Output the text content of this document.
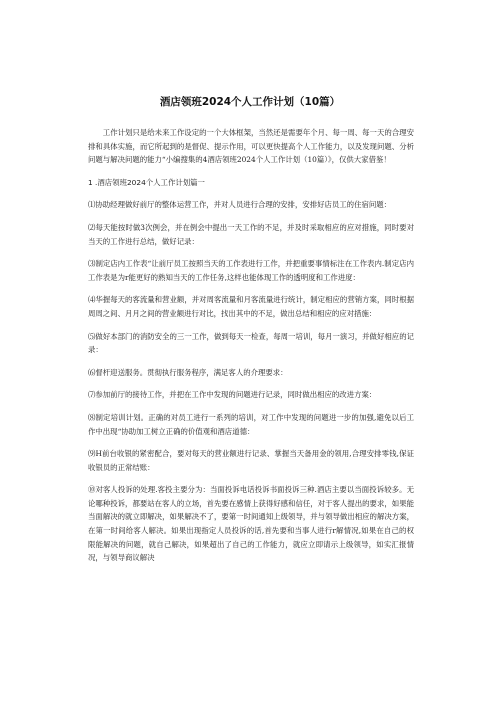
酒店领班2024个人工作计划（10篇）

工作计划只是给未来工作设定的一个大体框架，当然还是需要年个月、每一周、每一天的合理安排和具体实施，而它所起到的是督促、提示作用，可以更快提高个人工作能力，以及发现问题、分析问题与解决问题的能力“小编搜集的4酒店领班2024个人工作计划（10篇）》，仅供大家借鉴！

1 .酒店领班2024个人工作计划篇一

⑴协助经理做好前厅的整体运营工作，并对人员进行合理的安排，安排好店员工的住宿问题：

⑵每天能按时做3次例会，并在例会中提出一天工作的不足，并及时采取相应的应对措施，同时要对当天的工作进行总结，做好记录：

⑶制定店内工作表“让前厅员工按照当天的工作表进行工作，并把重要事情标注在工作表内.制定店内工作表是为r能更好的熟知当天的工作任务,这样也能体现工作的透明度和工作进度：

⑷华握每天的客流量和营业额，并对周客流量和月客流量进行统计，制定相应的营销方案，同时根据周周之间、月月之间的营业额进行对比，找出其中的不足，做出总结和相应的应对措施：

⑸做好本部门的消防安全的三一工作，做到每天一检查，每周一培训，每月一演习，并做好相应的记录：

⑹督杆迎送服务。贯彻执行服务程序，满足客人的介理要求：

⑺参加前厅的接待工作，并把在工作中发现的问题进行记录，同时做出相应的改进方案：

⑻制定培训计划。正确的对员工进行一系列的培训，对工作中发现的问题进一步的加强,避免以后工作中出现“协助加工树立正确的价值观和酒店道德：

⑼H前台收银的紧密配合，要对每天的营业额进行记录、掌握当天备用金的领用,合理安排零钱,保证收银员的正常结账：

⑩对客人投诉的处理.客投主要分为：当面投诉电话投诉书面投诉三种.酒店主要以当面投诉较多。无论哪种投诉，都要站在客人的立场，首先要在感情上获得好感和信任，对于客人提出的要求，如果能当面解决的就立即解决，如果解决不了，要第一时间通知上级领导，并与领导做出相应的解决方案，在第一时间给客人解决。如果出现指定人员投诉的话,首先要和当事人进行r解情况,如果在自己的权限能解决的问题，就自己解决，如果超出了自己的工作能力，就应立即请示上级领导，如实汇报情况，与领导商议解决
